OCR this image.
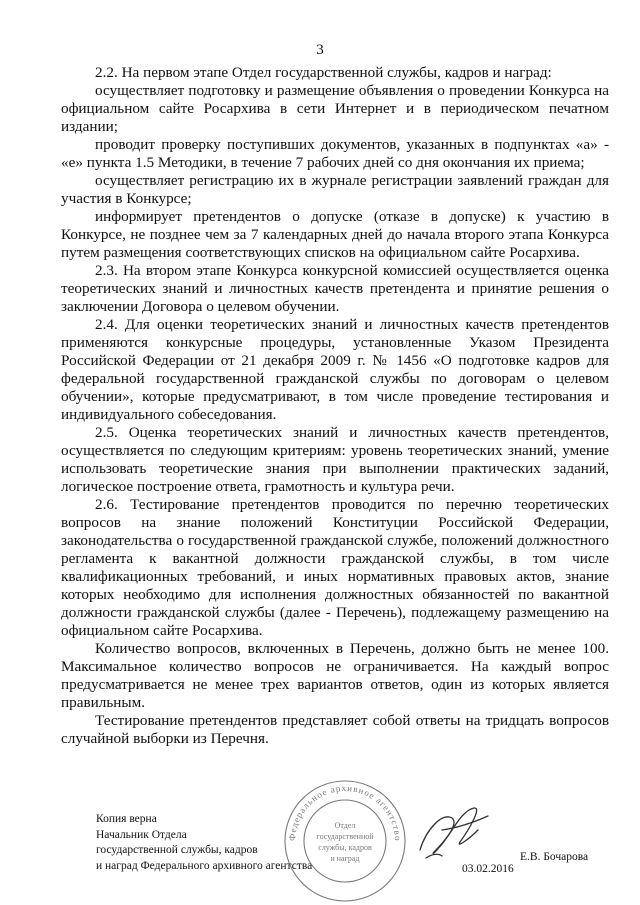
3

2.2. На первом этапе Отдел государственной службы, кадров и наград:

осуществляет подготовку и размещение объявления о проведении Конкурса на официальном сайте Росархива в сети Интернет и в периодическом печатном издании;

проводит проверку поступивших документов, указанных в подпунктах «а» - «е» пункта 1.5 Методики, в течение 7 рабочих дней со дня окончания их приема;

осуществляет регистрацию их в журнале регистрации заявлений граждан для участия в Конкурсе;

информирует претендентов о допуске (отказе в допуске) к участию в Конкурсе, не позднее чем за 7 календарных дней до начала второго этапа Конкурса путем размещения соответствующих списков на официальном сайте Росархива.

2.3. На втором этапе Конкурса конкурсной комиссией осуществляется оценка теоретических знаний и личностных качеств претендента и принятие решения о заключении Договора о целевом обучении.

2.4. Для оценки теоретических знаний и личностных качеств претендентов применяются конкурсные процедуры, установленные Указом Президента Российской Федерации от 21 декабря 2009 г. № 1456 «О подготовке кадров для федеральной государственной гражданской службы по договорам о целевом обучении», которые предусматривают, в том числе проведение тестирования и индивидуального собеседования.

2.5. Оценка теоретических знаний и личностных качеств претендентов, осуществляется по следующим критериям: уровень теоретических знаний, умение использовать теоретические знания при выполнении практических заданий, логическое построение ответа, грамотность и культура речи.

2.6. Тестирование претендентов проводится по перечню теоретических вопросов на знание положений Конституции Российской Федерации, законодательства о государственной гражданской службе, положений должностного регламента к вакантной должности гражданской службы, в том числе квалификационных требований, и иных нормативных правовых актов, знание которых необходимо для исполнения должностных обязанностей по вакантной должности гражданской службы (далее - Перечень), подлежащему размещению на официальном сайте Росархива.

Количество вопросов, включенных в Перечень, должно быть не менее 100. Максимальное количество вопросов не ограничивается. На каждый вопрос предусматривается не менее трех вариантов ответов, один из которых является правильным.

Тестирование претендентов представляет собой ответы на тридцать вопросов случайной выборки из Перечня.

Копия верна
Начальник Отдела
государственной службы, кадров
и наград Федерального архивного агентства
Федеральное архивное агентство
Отдел
государственной
службы, кадров
и наград
03.02.2016
Е.В. Бочарова
